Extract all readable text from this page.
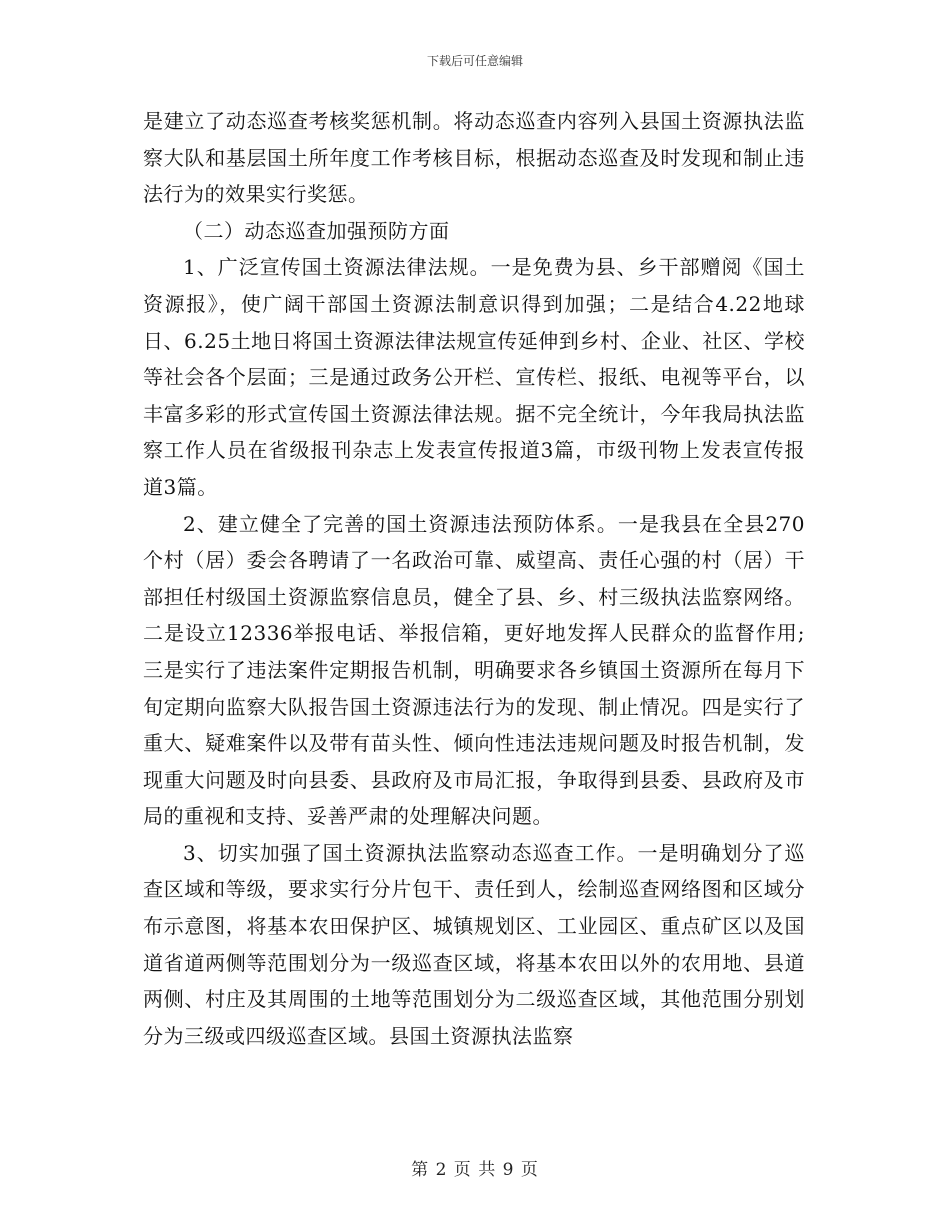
下载后可任意编辑

是建立了动态巡查考核奖惩机制。将动态巡查内容列入县国土资源执法监察大队和基层国土所年度工作考核目标，根据动态巡查及时发现和制止违法行为的效果实行奖惩。

（二）动态巡查加强预防方面

1、广泛宣传国土资源法律法规。一是免费为县、乡干部赠阅《国土资源报》，使广阔干部国土资源法制意识得到加强；二是结合4.22地球日、6.25土地日将国土资源法律法规宣传延伸到乡村、企业、社区、学校等社会各个层面；三是通过政务公开栏、宣传栏、报纸、电视等平台，以丰富多彩的形式宣传国土资源法律法规。据不完全统计，今年我局执法监察工作人员在省级报刊杂志上发表宣传报道3篇，市级刊物上发表宣传报道3篇。

2、建立健全了完善的国土资源违法预防体系。一是我县在全县270个村（居）委会各聘请了一名政治可靠、威望高、责任心强的村（居）干部担任村级国土资源监察信息员，健全了县、乡、村三级执法监察网络。二是设立12336举报电话、举报信箱，更好地发挥人民群众的监督作用;三是实行了违法案件定期报告机制，明确要求各乡镇国土资源所在每月下旬定期向监察大队报告国土资源违法行为的发现、制止情况。四是实行了重大、疑难案件以及带有苗头性、倾向性违法违规问题及时报告机制，发现重大问题及时向县委、县政府及市局汇报，争取得到县委、县政府及市局的重视和支持、妥善严肃的处理解决问题。

3、切实加强了国土资源执法监察动态巡查工作。一是明确划分了巡查区域和等级，要求实行分片包干、责任到人，绘制巡查网络图和区域分布示意图，将基本农田保护区、城镇规划区、工业园区、重点矿区以及国道省道两侧等范围划分为一级巡查区域，将基本农田以外的农用地、县道两侧、村庄及其周围的土地等范围划分为二级巡查区域，其他范围分别划分为三级或四级巡查区域。县国土资源执法监察

第 2 页 共 9 页
